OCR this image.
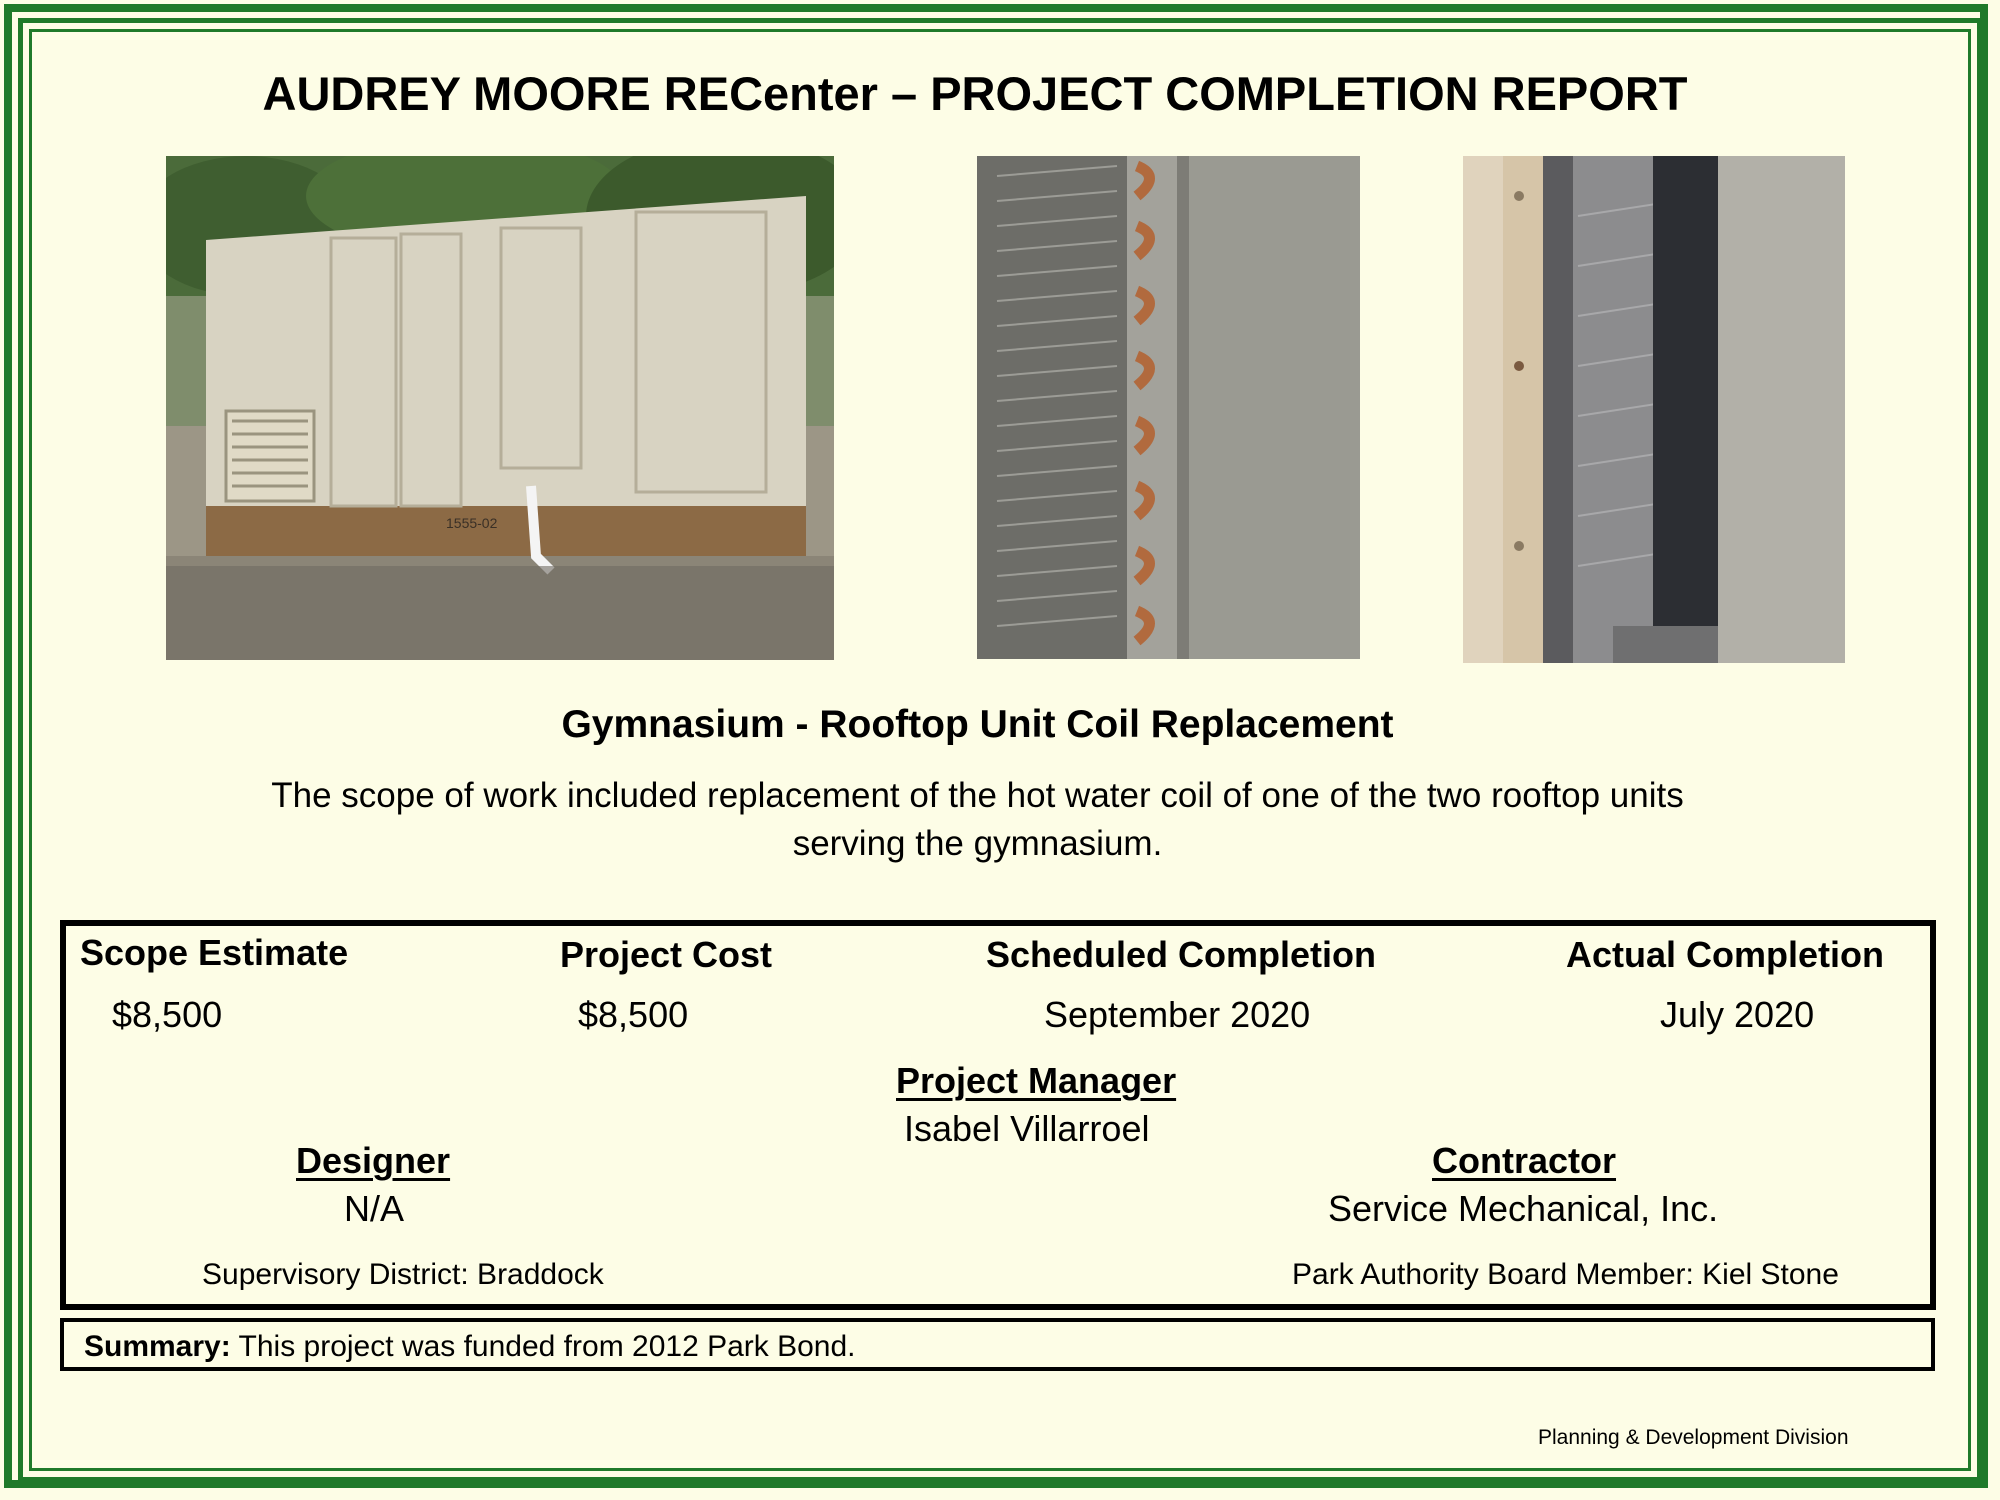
AUDREY MOORE RECenter – PROJECT COMPLETION REPORT
1555-02
Gymnasium - Rooftop Unit Coil Replacement
The scope of work included replacement of the hot water coil of one of the two rooftop units serving the gymnasium.
Scope Estimate
$8,500
Project Cost
$8,500
Scheduled Completion
September 2020
Actual Completion
July 2020
Project Manager
Isabel Villarroel
Designer
N/A
Contractor
Service Mechanical, Inc.
Supervisory District: Braddock	Park Authority Board Member: Kiel Stone
Summary: This project was funded from 2012 Park Bond.
Planning & Development Division
